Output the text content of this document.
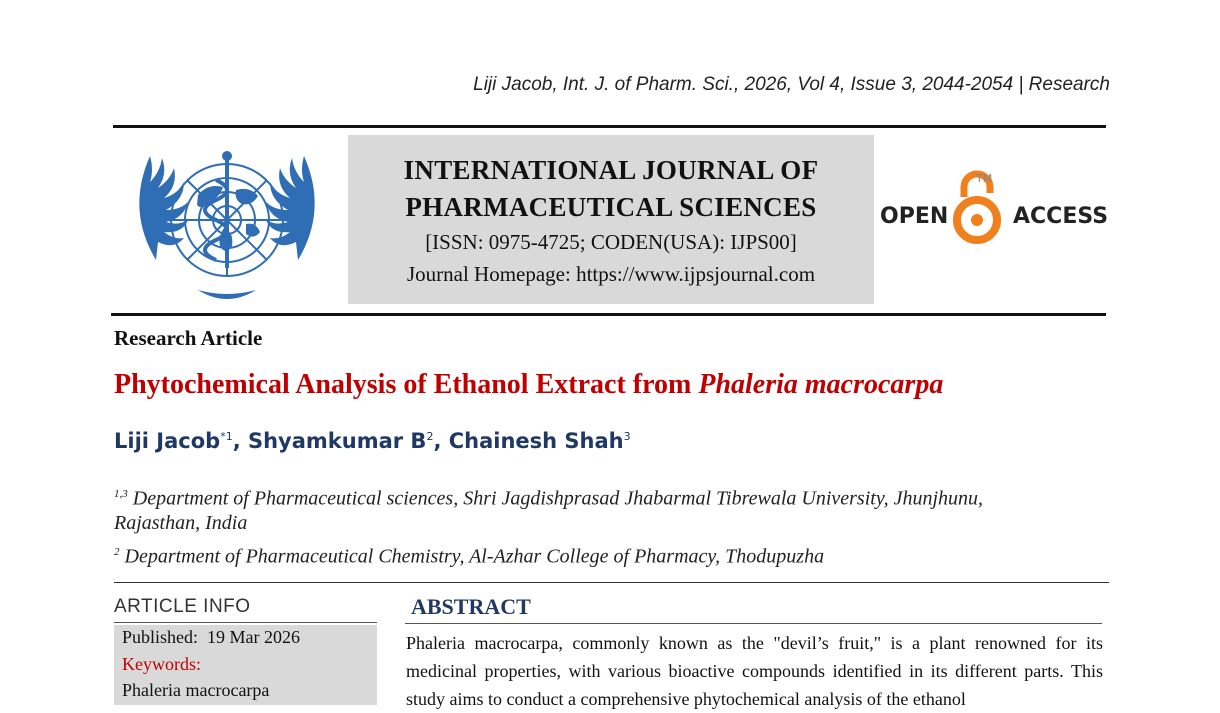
Liji Jacob, Int. J. of Pharm. Sci., 2026, Vol 4, Issue 3, 2044-2054 | Research
INTERNATIONAL JOURNAL OF
PHARMACEUTICAL SCIENCES
[ISSN: 0975-4725; CODEN(USA): IJPS00]
Journal Homepage: https://www.ijpsjournal.com
OPEN
TM
ACCESS
Research Article
Phytochemical Analysis of Ethanol Extract from Phaleria macrocarpa
Liji Jacob$^{*1}$, Shyamkumar $B^2$, Chainesh Shah$^3$
$^{1,3}$ Department of Pharmaceutical sciences, Shri Jagdishprasad Jhabarmal Tibrewala University, Jhunjhunu,
Rajasthan, India
$^2$ Department of Pharmaceutical Chemistry, Al-Azhar College of Pharmacy, Thodupuzha
ARTICLE INFO
Published: 19 Mar 2026
Keywords:
Phaleria macrocarpa
ABSTRACT
Phaleria macrocarpa, commonly known as the "devil’s fruit," is a plant renowned for its medicinal properties, with various bioactive compounds identified in its different parts. This study aims to conduct a comprehensive phytochemical analysis of the ethanol
